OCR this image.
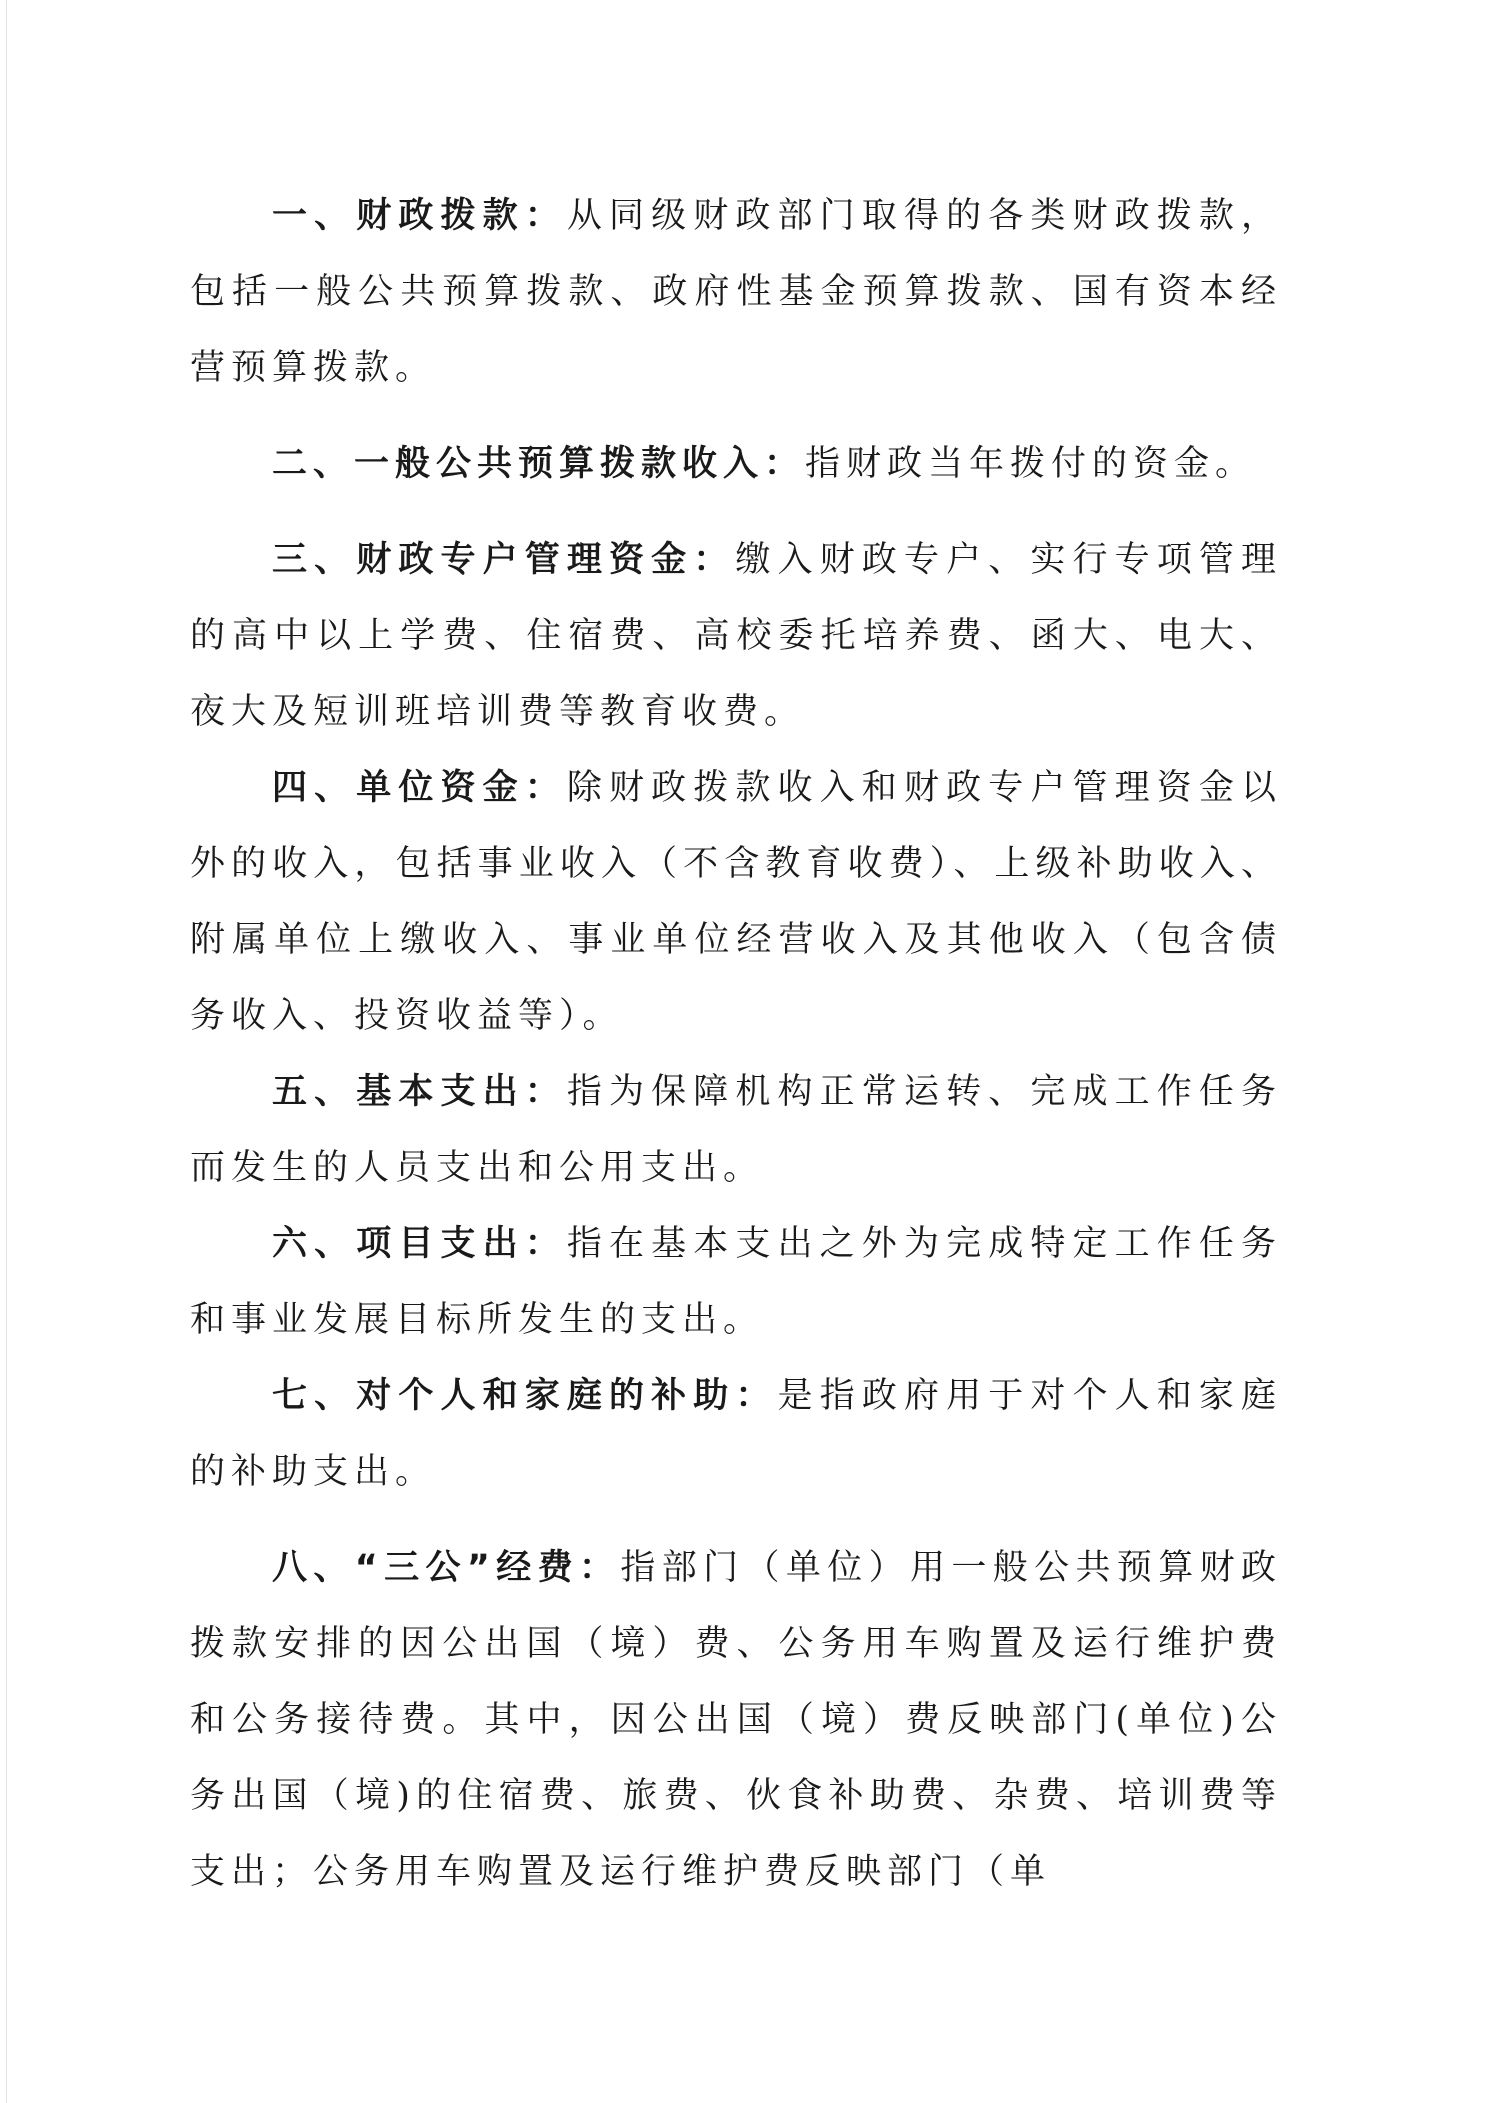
一、财政拨款：从同级财政部门取得的各类财政拨款，包括一般公共预算拨款、政府性基金预算拨款、国有资本经营预算拨款。

二、一般公共预算拨款收入：指财政当年拨付的资金。

三、财政专户管理资金：缴入财政专户、实行专项管理的高中以上学费、住宿费、高校委托培养费、函大、电大、夜大及短训班培训费等教育收费。

四、单位资金：除财政拨款收入和财政专户管理资金以外的收入，包括事业收入（不含教育收费）、上级补助收入、附属单位上缴收入、事业单位经营收入及其他收入（包含债务收入、投资收益等）。

五、基本支出：指为保障机构正常运转、完成工作任务而发生的人员支出和公用支出。

六、项目支出：指在基本支出之外为完成特定工作任务和事业发展目标所发生的支出。

七、对个人和家庭的补助：是指政府用于对个人和家庭的补助支出。

八、“三公”经费：指部门（单位）用一般公共预算财政拨款安排的因公出国（境）费、公务用车购置及运行维护费和公务接待费。其中，因公出国（境）费反映部门(单位)公务出国（境)的住宿费、旅费、伙食补助费、杂费、培训费等支出；公务用车购置及运行维护费反映部门（单
